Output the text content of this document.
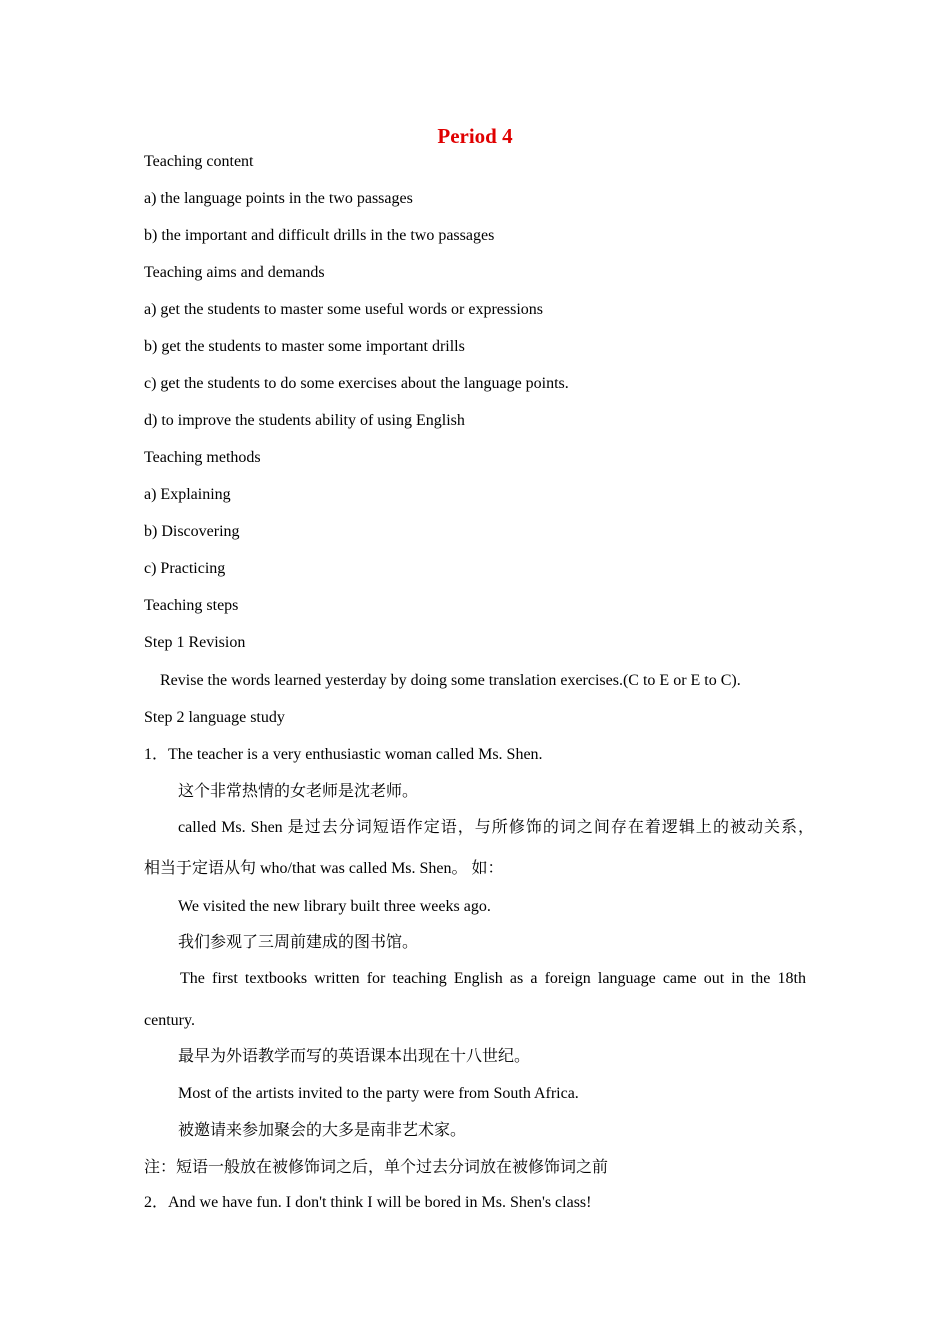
Period 4
Teaching content
a) the language points in the two passages
b) the important and difficult drills in the two passages
Teaching aims and demands
a) get the students to master some useful words or expressions
b) get the students to master some important drills
c) get the students to do some exercises about the language points.
d) to improve the students ability of using English
Teaching methods
a) Explaining
b) Discovering
c) Practicing
Teaching steps
Step 1 Revision
Revise the words learned yesterday by doing some translation exercises.(C to E or E to C).
Step 2 language study
1．The teacher is a very enthusiastic woman called Ms. Shen.
这个非常热情的女老师是沈老师。
called Ms. Shen 是过去分词短语作定语，与所修饰的词之间存在着逻辑上的被动关系，
相当于定语从句 who/that was called Ms. Shen。 如：
We visited the new library built three weeks ago.
我们参观了三周前建成的图书馆。
The first textbooks written for teaching English as a foreign language came out in the 18th
century.
最早为外语教学而写的英语课本出现在十八世纪。
Most of the artists invited to the party were from South Africa.
被邀请来参加聚会的大多是南非艺术家。
注：短语一般放在被修饰词之后，单个过去分词放在被修饰词之前
2．And we have fun. I don't think I will be bored in Ms. Shen's class!
